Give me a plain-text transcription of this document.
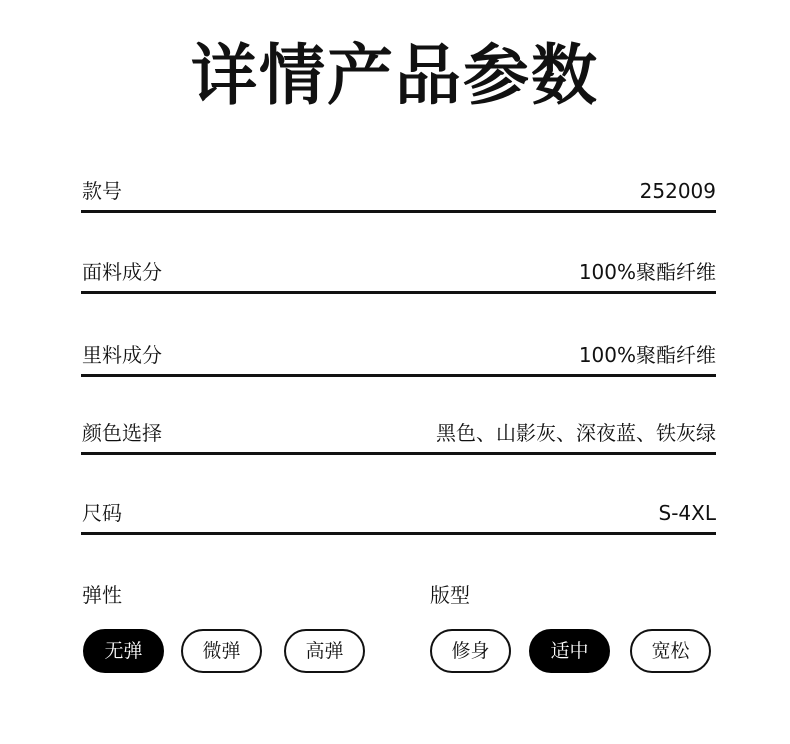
详情产品参数
款号	252009
面料成分	100%聚酯纤维
里料成分	100%聚酯纤维
颜色选择	黑色、山影灰、深夜蓝、铁灰绿
尺码	S-4XL
弹性
无弹	微弹	高弹
版型
修身	适中	宽松
